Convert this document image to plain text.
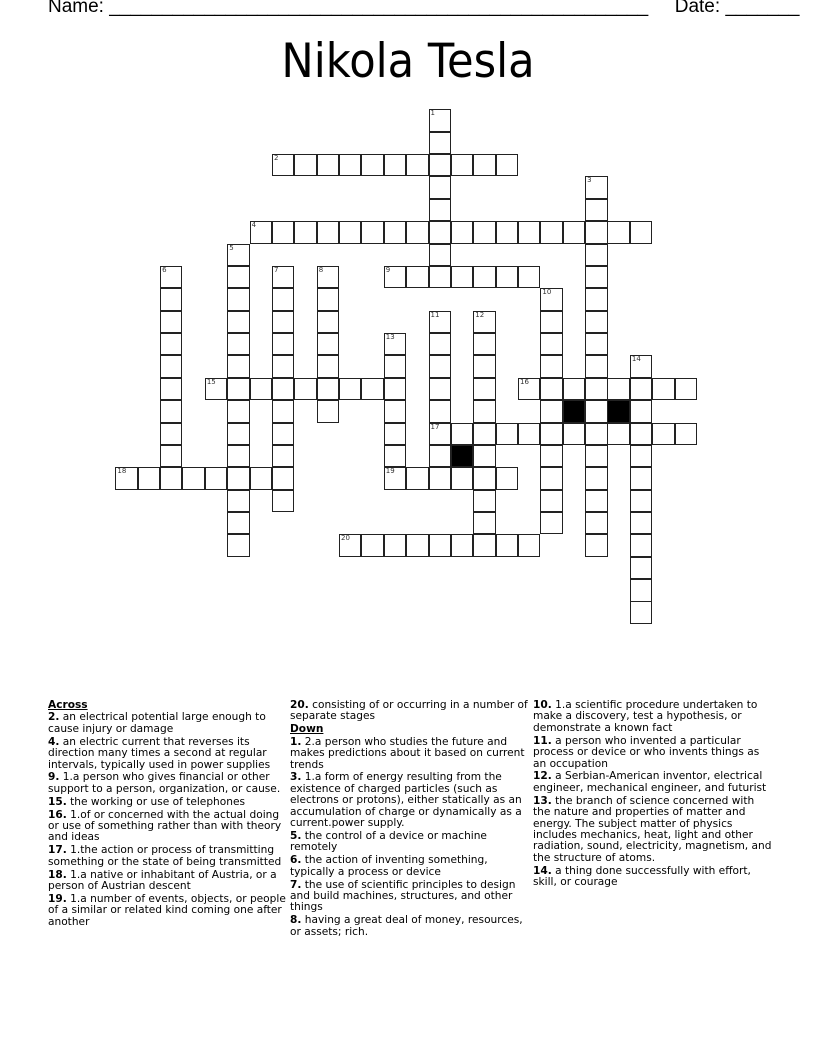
Name: ___________________________________________________ Date: _______
Nikola Tesla
1
2
3
4
5
6	7	8	9
10
11
17
12
13
19
14
15	16
18
20
Across
2. an electrical potential large enough to cause injury or damage
4. an electric current that reverses its direction many times a second at regular intervals, typically used in power supplies
9. 1.a person who gives financial or other support to a person, organization, or cause.
15. the working or use of telephones
16. 1.of or concerned with the actual doing or use of something rather than with theory and ideas
17. 1.the action or process of transmitting something or the state of being transmitted
18. 1.a native or inhabitant of Austria, or a person of Austrian descent
19. 1.a number of events, objects, or people of a similar or related kind coming one after another
20. consisting of or occurring in a number of separate stages
Down
1. 2.a person who studies the future and makes predictions about it based on current trends
3. 1.a form of energy resulting from the existence of charged particles (such as electrons or protons), either statically as an accumulation of charge or dynamically as a current.power supply.
5. the control of a device or machine remotely
6. the action of inventing something, typically a process or device
7. the use of scientific principles to design and build machines, structures, and other things
8. having a great deal of money, resources, or assets; rich.
10. 1.a scientific procedure undertaken to make a discovery, test a hypothesis, or demonstrate a known fact
11. a person who invented a particular process or device or who invents things as an occupation
12. a Serbian-American inventor, electrical engineer, mechanical engineer, and futurist
13. the branch of science concerned with the nature and properties of matter and energy. The subject matter of physics includes mechanics, heat, light and other radiation, sound, electricity, magnetism, and the structure of atoms.
14. a thing done successfully with effort, skill, or courage
